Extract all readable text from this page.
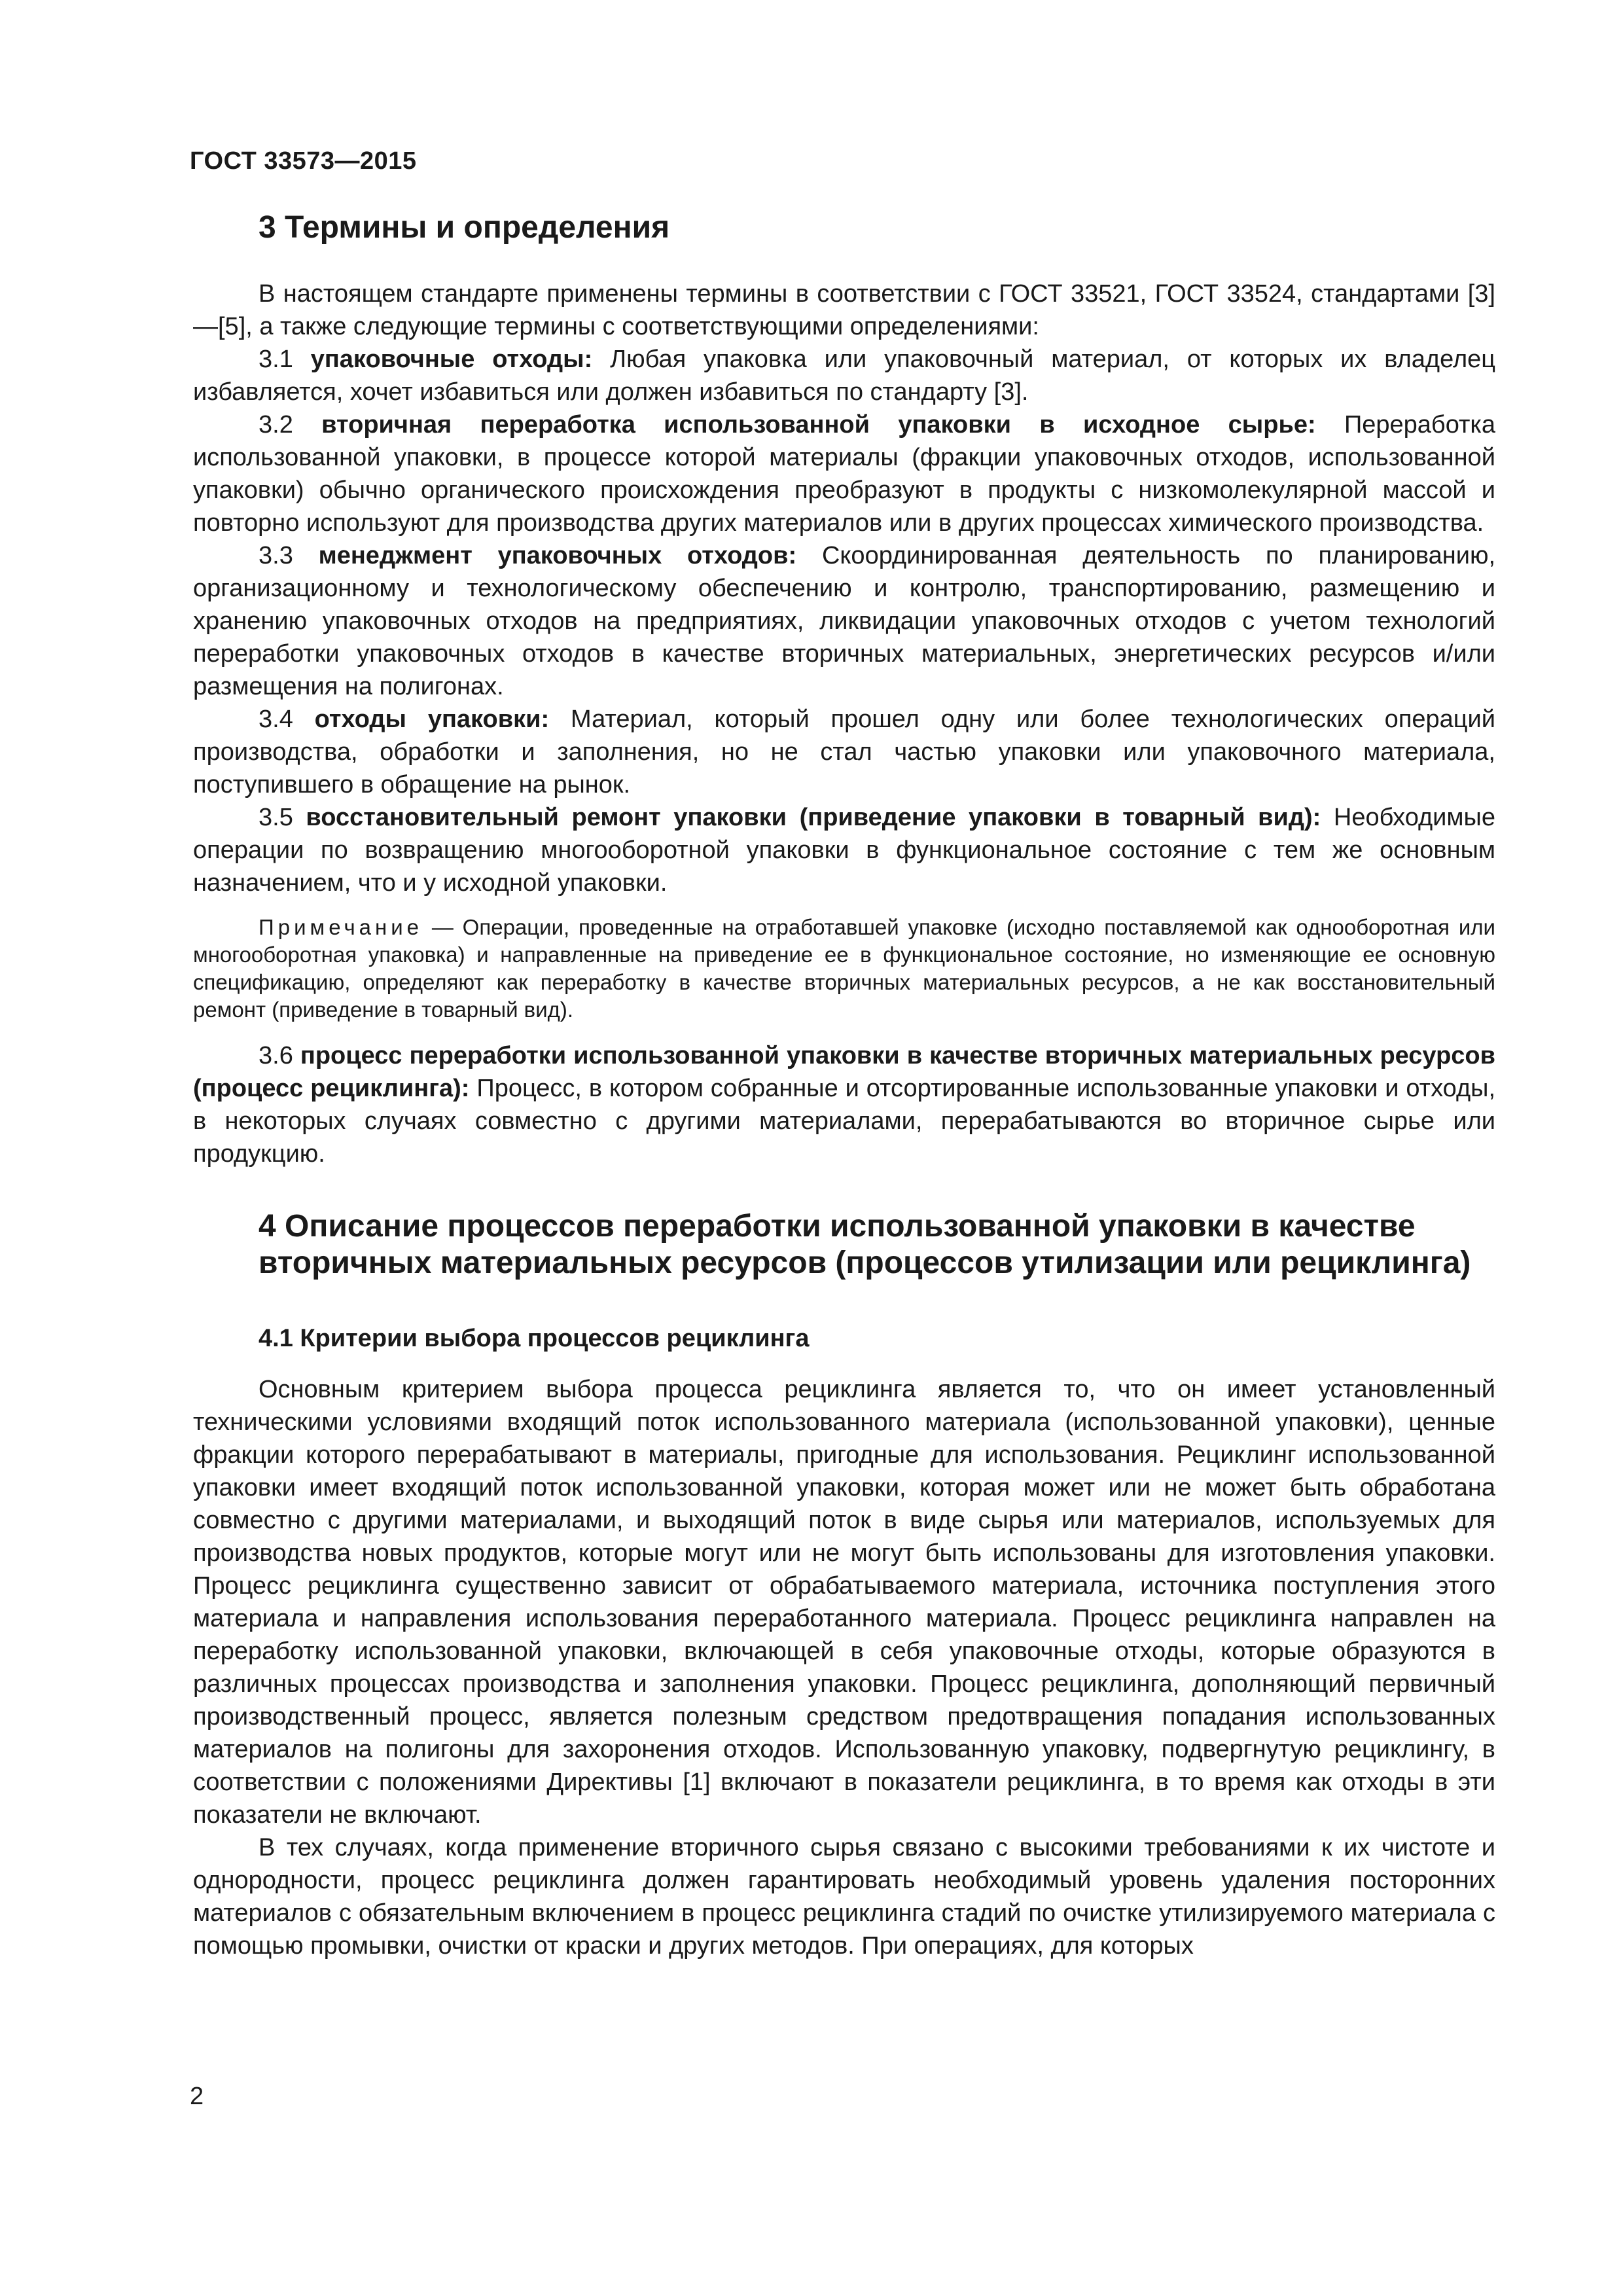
ГОСТ 33573—2015
3 Термины и определения

В настоящем стандарте применены термины в соответствии с ГОСТ 33521, ГОСТ 33524, стандартами [3]—[5], а также следующие термины с соответствующими определениями:

3.1 упаковочные отходы: Любая упаковка или упаковочный материал, от которых их владелец избавляется, хочет избавиться или должен избавиться по стандарту [3].

3.2 вторичная переработка использованной упаковки в исходное сырье: Переработка использованной упаковки, в процессе которой материалы (фракции упаковочных отходов, использованной упаковки) обычно органического происхождения преобразуют в продукты с низкомолекулярной массой и повторно используют для производства других материалов или в других процессах химического производства.

3.3 менеджмент упаковочных отходов: Скоординированная деятельность по планированию, организационному и технологическому обеспечению и контролю, транспортированию, размещению и хранению упаковочных отходов на предприятиях, ликвидации упаковочных отходов с учетом технологий переработки упаковочных отходов в качестве вторичных материальных, энергетических ресурсов и/или размещения на полигонах.

3.4 отходы упаковки: Материал, который прошел одну или более технологических операций производства, обработки и заполнения, но не стал частью упаковки или упаковочного материала, поступившего в обращение на рынок.

3.5 восстановительный ремонт упаковки (приведение упаковки в товарный вид): Необходимые операции по возвращению многооборотной упаковки в функциональное состояние с тем же основным назначением, что и у исходной упаковки.

Примечание — Операции, проведенные на отработавшей упаковке (исходно поставляемой как однооборотная или многооборотная упаковка) и направленные на приведение ее в функциональное состояние, но изменяющие ее основную спецификацию, определяют как переработку в качестве вторичных материальных ресурсов, а не как восстановительный ремонт (приведение в товарный вид).

3.6 процесс переработки использованной упаковки в качестве вторичных материальных ресурсов (процесс рециклинга): Процесс, в котором собранные и отсортированные использованные упаковки и отходы, в некоторых случаях совместно с другими материалами, перерабатываются во вторичное сырье или продукцию.

4 Описание процессов переработки использованной упаковки в качестве вторичных материальных ресурсов (процессов утилизации или рециклинга)
4.1 Критерии выбора процессов рециклинга

Основным критерием выбора процесса рециклинга является то, что он имеет установленный техническими условиями входящий поток использованного материала (использованной упаковки), ценные фракции которого перерабатывают в материалы, пригодные для использования. Рециклинг использованной упаковки имеет входящий поток использованной упаковки, которая может или не может быть обработана совместно с другими материалами, и выходящий поток в виде сырья или материалов, используемых для производства новых продуктов, которые могут или не могут быть использованы для изготовления упаковки. Процесс рециклинга существенно зависит от обрабатываемого материала, источника поступления этого материала и направления использования переработанного материала. Процесс рециклинга направлен на переработку использованной упаковки, включающей в себя упаковочные отходы, которые образуются в различных процессах производства и заполнения упаковки. Процесс рециклинга, дополняющий первичный производственный процесс, является полезным средством предотвращения попадания использованных материалов на полигоны для захоронения отходов. Использованную упаковку, подвергнутую рециклингу, в соответствии с положениями Директивы [1] включают в показатели рециклинга, в то время как отходы в эти показатели не включают.

В тех случаях, когда применение вторичного сырья связано с высокими требованиями к их чистоте и однородности, процесс рециклинга должен гарантировать необходимый уровень удаления посторонних материалов с обязательным включением в процесс рециклинга стадий по очистке утилизируемого материала с помощью промывки, очистки от краски и других методов. При операциях, для которых

2
